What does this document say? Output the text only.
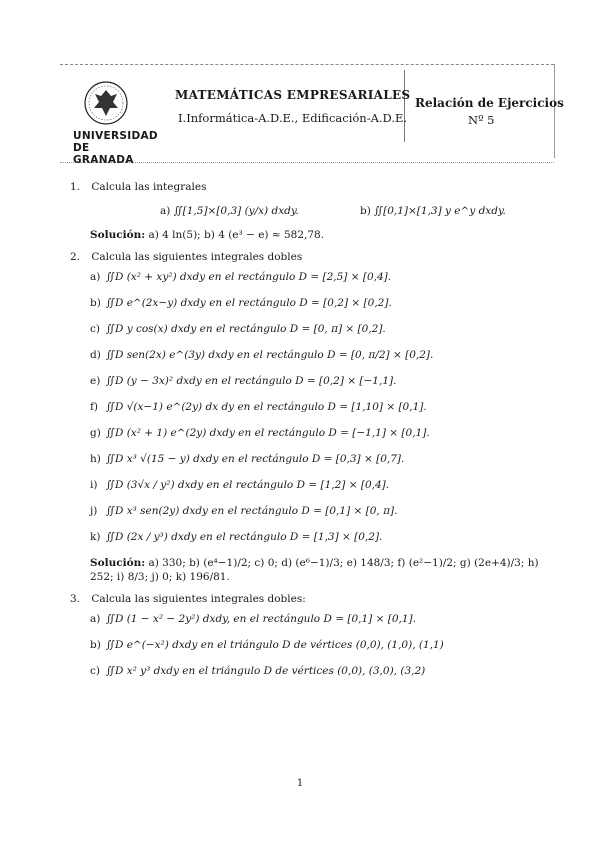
UNIVERSIDAD
DE GRANADA
MATEMÁTICAS EMPRESARIALES
I.Informática-A.D.E., Edificación-A.D.E.
Relación de Ejercicios
Nº 5
1. Calcula las integrales
a) ∬[1,5]×[0,3] (y/x) dxdy.	b) ∬[0,1]×[1,3] y e^y dxdy.
Solución: a) 4 ln(5); b) 4 (e³ − e) ≈ 582,78.
2. Calcula las siguientes integrales dobles
a) ∬D (x² + xy²) dxdy en el rectángulo D = [2,5] × [0,4].
b) ∬D e^(2x−y) dxdy en el rectángulo D = [0,2] × [0,2].
c) ∬D y cos(x) dxdy en el rectángulo D = [0, π] × [0,2].
d) ∬D sen(2x) e^(3y) dxdy en el rectángulo D = [0, π/2] × [0,2].
e) ∬D (y − 3x)² dxdy en el rectángulo D = [0,2] × [−1,1].
f) ∬D √(x−1) e^(2y) dx dy en el rectángulo D = [1,10] × [0,1].
g) ∬D (x² + 1) e^(2y) dxdy en el rectángulo D = [−1,1] × [0,1].
h) ∬D x³ √(15 − y) dxdy en el rectángulo D = [0,3] × [0,7].
i) ∬D (3√x / y²) dxdy en el rectángulo D = [1,2] × [0,4].
j) ∬D x³ sen(2y) dxdy en el rectángulo D = [0,1] × [0, π].
k) ∬D (2x / y³) dxdy en el rectángulo D = [1,3] × [0,2].
Solución: a) 330; b) (e⁴−1)/2; c) 0; d) (e⁶−1)/3; e) 148/3; f) (e²−1)/2; g) (2e+4)/3; h) 252; i) 8/3; j) 0; k) 196/81.
3. Calcula las siguientes integrales dobles:
a) ∬D (1 − x² − 2y²) dxdy, en el rectángulo D = [0,1] × [0,1].
b) ∬D e^(−x²) dxdy en el triángulo D de vértices (0,0), (1,0), (1,1)
c) ∬D x² y³ dxdy en el triángulo D de vértices (0,0), (3,0), (3,2)
1
